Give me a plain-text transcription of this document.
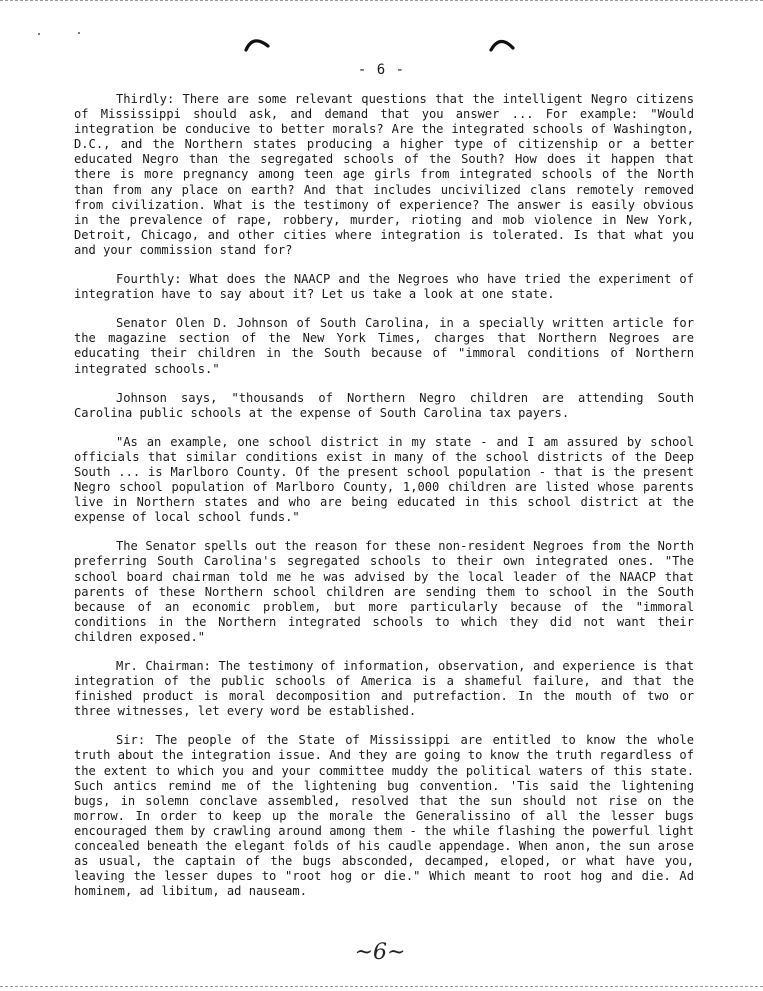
- 6 -

Thirdly: There are some relevant questions that the intelligent Negro citizens of Mississippi should ask, and demand that you answer ... For example: "Would integration be conducive to better morals? Are the integrated schools of Washington, D.C., and the Northern states producing a higher type of citizenship or a better educated Negro than the segregated schools of the South? How does it happen that there is more pregnancy among teen age girls from integrated schools of the North than from any place on earth? And that includes uncivilized clans remotely removed from civilization. What is the testimony of experience? The answer is easily obvious in the prevalence of rape, robbery, murder, rioting and mob violence in New York, Detroit, Chicago, and other cities where integration is tolerated. Is that what you and your commission stand for?

Fourthly: What does the NAACP and the Negroes who have tried the experiment of integration have to say about it? Let us take a look at one state.

Senator Olen D. Johnson of South Carolina, in a specially written article for the magazine section of the New York Times, charges that Northern Negroes are educating their children in the South because of "immoral conditions of Northern integrated schools."

Johnson says, "thousands of Northern Negro children are attending South Carolina public schools at the expense of South Carolina tax payers.

"As an example, one school district in my state - and I am assured by school officials that similar conditions exist in many of the school districts of the Deep South ... is Marlboro County. Of the present school population - that is the present Negro school population of Marlboro County, 1,000 children are listed whose parents live in Northern states and who are being educated in this school district at the expense of local school funds."

The Senator spells out the reason for these non-resident Negroes from the North preferring South Carolina's segregated schools to their own integrated ones. "The school board chairman told me he was advised by the local leader of the NAACP that parents of these Northern school children are sending them to school in the South because of an economic problem, but more particularly because of the "immoral conditions in the Northern integrated schools to which they did not want their children exposed."

Mr. Chairman: The testimony of information, observation, and experience is that integration of the public schools of America is a shameful failure, and that the finished product is moral decomposition and putrefaction. In the mouth of two or three witnesses, let every word be established.

Sir: The people of the State of Mississippi are entitled to know the whole truth about the integration issue. And they are going to know the truth regardless of the extent to which you and your committee muddy the political waters of this state. Such antics remind me of the lightening bug convention. 'Tis said the lightening bugs, in solemn conclave assembled, resolved that the sun should not rise on the morrow. In order to keep up the morale the Generalissino of all the lesser bugs encouraged them by crawling around among them - the while flashing the powerful light concealed beneath the elegant folds of his caudle appendage. When anon, the sun arose as usual, the captain of the bugs absconded, decamped, eloped, or what have you, leaving the lesser dupes to "root hog or die." Which meant to root hog and die. Ad hominem, ad libitum, ad nauseam.

~6~
